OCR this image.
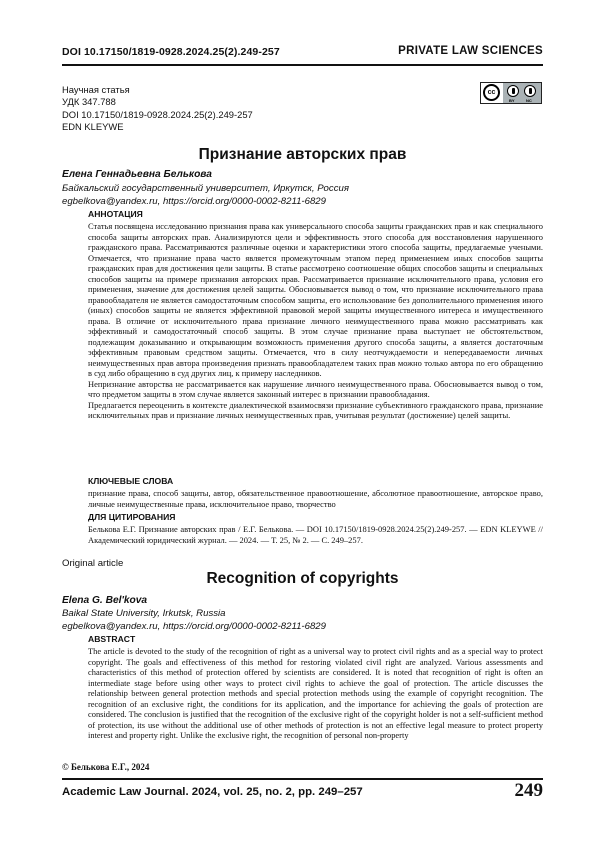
DOI 10.17150/1819-0928.2024.25(2).249-257	PRIVATE LAW SCIENCES
Научная статья
УДК 347.788
DOI 10.17150/1819-0928.2024.25(2).249-257
EDN KLEYWE
cc
BY	NC
Признание авторских прав
Елена Геннадьевна Белькова
Байкальский государственный университет, Иркутск, Россия
egbelkova@yandex.ru, https://orcid.org/0000-0002-8211-6829
АННОТАЦИЯ

Статья посвящена исследованию признания права как универсального способа защиты гражданских прав и как специального способа защиты авторских прав. Анализируются цели и эффективность этого способа для восстановления нарушенного гражданского права. Рассматриваются различные оценки и характеристики этого способа защиты, предлагаемые учеными. Отмечается, что признание права часто является промежуточным этапом перед применением иных способов защиты гражданских прав для достижения цели защиты. В статье рассмотрено соотношение общих способов защиты и специальных способов защиты на примере признания авторских прав. Рассматривается признание исключительного права, условия его применения, значение для достижения целей защиты. Обосновывается вывод о том, что признание исключительного права правообладателя не является самодостаточным способом защиты, его использование без дополнительного применения иного (иных) способов защиты не является эффективной правовой мерой защиты имущественного интереса и имущественного права. В отличие от исключительного права признание личного неимущественного права можно рассматривать как эффективный и самодостаточный способ защиты. В этом случае признание права выступает не обстоятельством, подлежащим доказыванию и открывающим возможность применения другого способа защиты, а является достаточным эффективным правовым средством защиты. Отмечается, что в силу неотчуждаемости и непередаваемости личных неимущественных прав автора произведения признать правообладателем таких прав можно только автора по его обращению в суд либо обращению в суд других лиц, к примеру наследников.

Непризнание авторства не рассматривается как нарушение личного неимущественного права. Обосновывается вывод о том, что предметом защиты в этом случае является законный интерес в признании правообладания.

Предлагается переоценить в контексте диалектической взаимосвязи признание субъективного гражданского права, признание исключительных прав и признание личных неимущественных прав, учитывая результат (достижение) целей защиты.

КЛЮЧЕВЫЕ СЛОВА
признание права, способ защиты, автор, обязательственное правоотношение, абсолютное правоотношение, авторское право, личные неимущественные права, исключительное право, творчество
ДЛЯ ЦИТИРОВАНИЯ
Белькова Е.Г. Признание авторских прав / Е.Г. Белькова. — DOI 10.17150/1819-0928.2024.25(2).249-257. — EDN KLEYWE // Академический юридический журнал. — 2024. — Т. 25, № 2. — С. 249–257.
Original article
Recognition of copyrights
Elena G. Bel'kova
Baikal State University, Irkutsk, Russia
egbelkova@yandex.ru, https://orcid.org/0000-0002-8211-6829
ABSTRACT
The article is devoted to the study of the recognition of right as a universal way to protect civil rights and as a special way to protect copyright. The goals and effectiveness of this method for restoring violated civil right are analyzed. Various assessments and characteristics of this method of protection offered by scientists are considered. It is noted that recognition of right is often an intermediate stage before using other ways to protect civil rights to achieve the goal of protection. The article discusses the relationship between general protection methods and special protection methods using the example of copyright recognition. The recognition of an exclusive right, the conditions for its application, and the importance for achieving the goals of protection are considered. The conclusion is justified that the recognition of the exclusive right of the copyright holder is not a self-sufficient method of protection, its use without the additional use of other methods of protection is not an effective legal measure to protect property interest and property right. Unlike the exclusive right, the recognition of personal non-property
© Белькова Е.Г., 2024
Academic Law Journal. 2024, vol. 25, no. 2, pp. 249–257	249
